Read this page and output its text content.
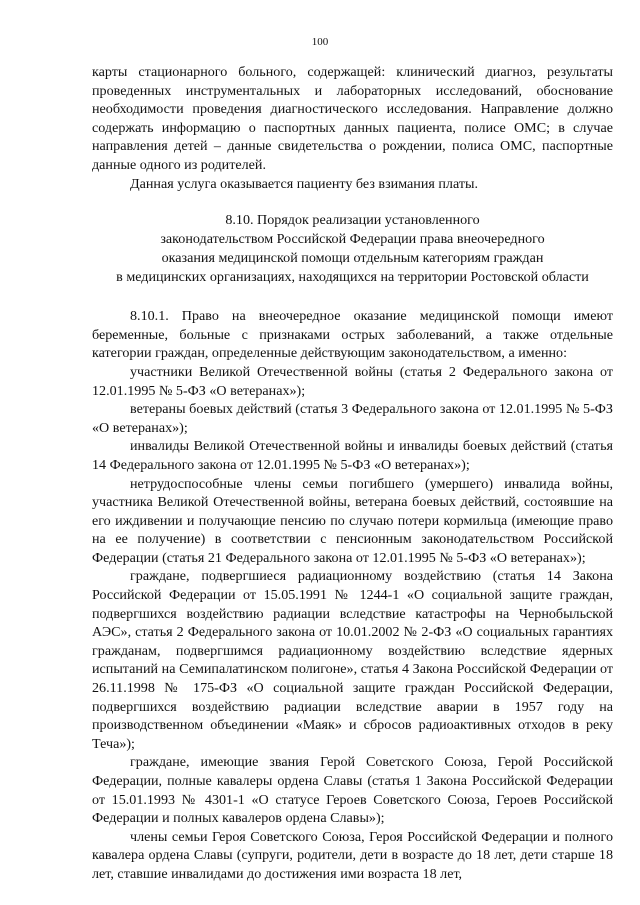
100

карты стационарного больного, содержащей: клинический диагноз, результаты проведенных инструментальных и лабораторных исследований, обоснование необходимости проведения диагностического исследования. Направление должно содержать информацию о паспортных данных пациента, полисе ОМС; в случае направления детей – данные свидетельства о рождении, полиса ОМС, паспортные данные одного из родителей.

Данная услуга оказывается пациенту без взимания платы.

8.10. Порядок реализации установленного
законодательством Российской Федерации права внеочередного
оказания медицинской помощи отдельным категориям граждан
в медицинских организациях, находящихся на территории Ростовской области

8.10.1. Право на внеочередное оказание медицинской помощи имеют беременные, больные с признаками острых заболеваний, а также отдельные категории граждан, определенные действующим законодательством, а именно:

участники Великой Отечественной войны (статья 2 Федерального закона от 12.01.1995 № 5-ФЗ «О ветеранах»);

ветераны боевых действий (статья 3 Федерального закона от 12.01.1995 № 5-ФЗ «О ветеранах»);

инвалиды Великой Отечественной войны и инвалиды боевых действий (статья 14 Федерального закона от 12.01.1995 № 5-ФЗ «О ветеранах»);

нетрудоспособные члены семьи погибшего (умершего) инвалида войны, участника Великой Отечественной войны, ветерана боевых действий, состоявшие на его иждивении и получающие пенсию по случаю потери кормильца (имеющие право на ее получение) в соответствии с пенсионным законодательством Российской Федерации (статья 21 Федерального закона от 12.01.1995 № 5-ФЗ «О ветеранах»);

граждане, подвергшиеся радиационному воздействию (статья 14 Закона Российской Федерации от 15.05.1991 № 1244-1 «О социальной защите граждан, подвергшихся воздействию радиации вследствие катастрофы на Чернобыльской АЭС», статья 2 Федерального закона от 10.01.2002 № 2-ФЗ «О социальных гарантиях гражданам, подвергшимся радиационному воздействию вследствие ядерных испытаний на Семипалатинском полигоне», статья 4 Закона Российской Федерации от 26.11.1998 № 175-ФЗ «О социальной защите граждан Российской Федерации, подвергшихся воздействию радиации вследствие аварии в 1957 году на производственном объединении «Маяк» и сбросов радиоактивных отходов в реку Теча»);

граждане, имеющие звания Герой Советского Союза, Герой Российской Федерации, полные кавалеры ордена Славы (статья 1 Закона Российской Федерации от 15.01.1993 № 4301-1 «О статусе Героев Советского Союза, Героев Российской Федерации и полных кавалеров ордена Славы»);

члены семьи Героя Советского Союза, Героя Российской Федерации и полного кавалера ордена Славы (супруги, родители, дети в возрасте до 18 лет, дети старше 18 лет, ставшие инвалидами до достижения ими возраста 18 лет,
